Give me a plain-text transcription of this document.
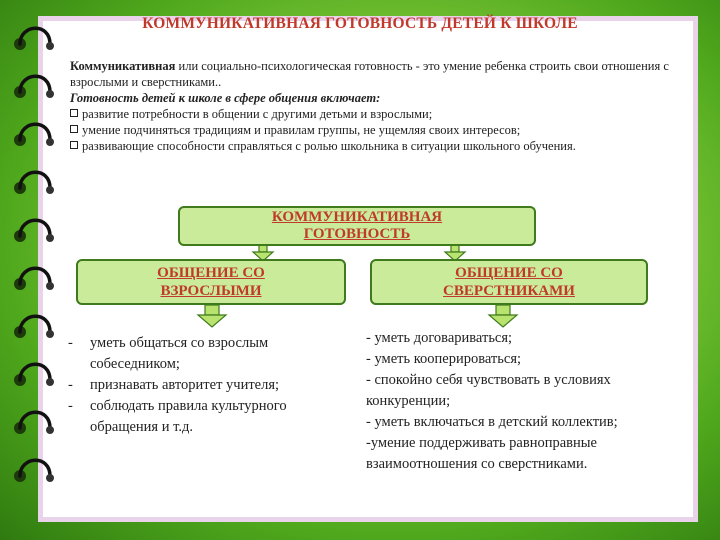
КОММУНИКАТИВНАЯ ГОТОВНОСТЬ ДЕТЕЙ К ШКОЛЕ
Коммуникативная или социально-психологическая готовность - это умение ребенка строить свои отношения с взрослыми и сверстниками..
Готовность детей к школе в сфере общения включает:
развитие потребности в общении с другими детьми и взрослыми;
умение подчиняться традициям и правилам группы, не ущемляя своих интересов;
развивающие способности справляться с ролью школьника в ситуации школьного обучения.
КОММУНИКАТИВНАЯ
ГОТОВНОСТЬ
ОБЩЕНИЕ СО
ВЗРОСЛЫМИ
ОБЩЕНИЕ СО
СВЕРСТНИКАМИ
- уметь общаться со взрослым собеседником;
- признавать авторитет учителя;
- соблюдать правила культурного обращения и т.д.
- уметь договариваться;
- уметь кооперироваться;
- спокойно себя чувствовать в условиях конкуренции;
- уметь включаться в детский коллектив;
-умение поддерживать равноправные взаимоотношения со сверстниками.
